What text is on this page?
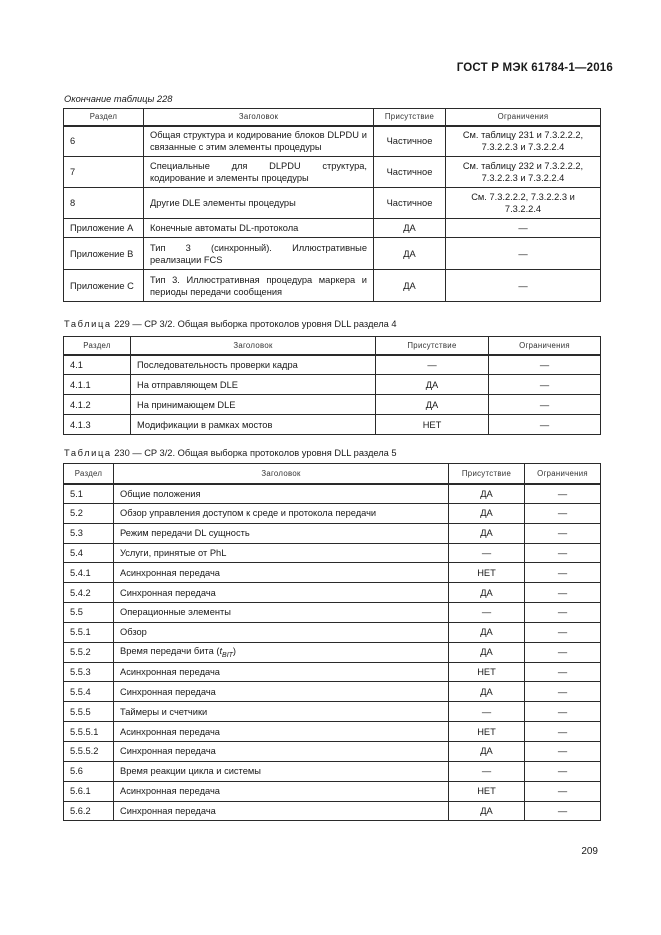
ГОСТ Р МЭК 61784-1—2016
Окончание таблицы 228
Раздел	Заголовок	Присутствие	Ограничения
6	Общая структура и кодирование блоков DLPDU и связанные с этим элементы процедуры	Частичное	См. таблицу 231 и 7.3.2.2.2, 7.3.2.2.3 и 7.3.2.2.4
7	Специальные для DLPDU структура, кодирование и элементы процедуры	Частичное	См. таблицу 232 и 7.3.2.2.2, 7.3.2.2.3 и 7.3.2.2.4
8	Другие DLE элементы процедуры	Частичное	См. 7.3.2.2.2, 7.3.2.2.3 и 7.3.2.2.4
Приложение А	Конечные автоматы DL-протокола	ДА	—
Приложение В	Тип 3 (синхронный). Иллюстративные реализации FCS	ДА	—
Приложение С	Тип 3. Иллюстративная процедура маркера и периоды передачи сообщения	ДА	—
Таблица 229 — CP 3/2. Общая выборка протоколов уровня DLL раздела 4
Раздел	Заголовок	Присутствие	Ограничения
4.1	Последовательность проверки кадра	—	—
4.1.1	На отправляющем DLE	ДА	—
4.1.2	На принимающем DLE	ДА	—
4.1.3	Модификации в рамках мостов	НЕТ	—
Таблица 230 — CP 3/2. Общая выборка протоколов уровня DLL раздела 5
Раздел	Заголовок	Присутствие	Ограничения
5.1	Общие положения	ДА	—
5.2	Обзор управления доступом к среде и протокола передачи	ДА	—
5.3	Режим передачи DL сущность	ДА	—
5.4	Услуги, принятые от PhL	—	—
5.4.1	Асинхронная передача	НЕТ	—
5.4.2	Синхронная передача	ДА	—
5.5	Операционные элементы	—	—
5.5.1	Обзор	ДА	—
5.5.2	Время передачи бита $(t_{BIT})$	ДА	—
5.5.3	Асинхронная передача	НЕТ	—
5.5.4	Синхронная передача	ДА	—
5.5.5	Таймеры и счетчики	—	—
5.5.5.1	Асинхронная передача	НЕТ	—
5.5.5.2	Синхронная передача	ДА	—
5.6	Время реакции цикла и системы	—	—
5.6.1	Асинхронная передача	НЕТ	—
5.6.2	Синхронная передача	ДА	—
209
